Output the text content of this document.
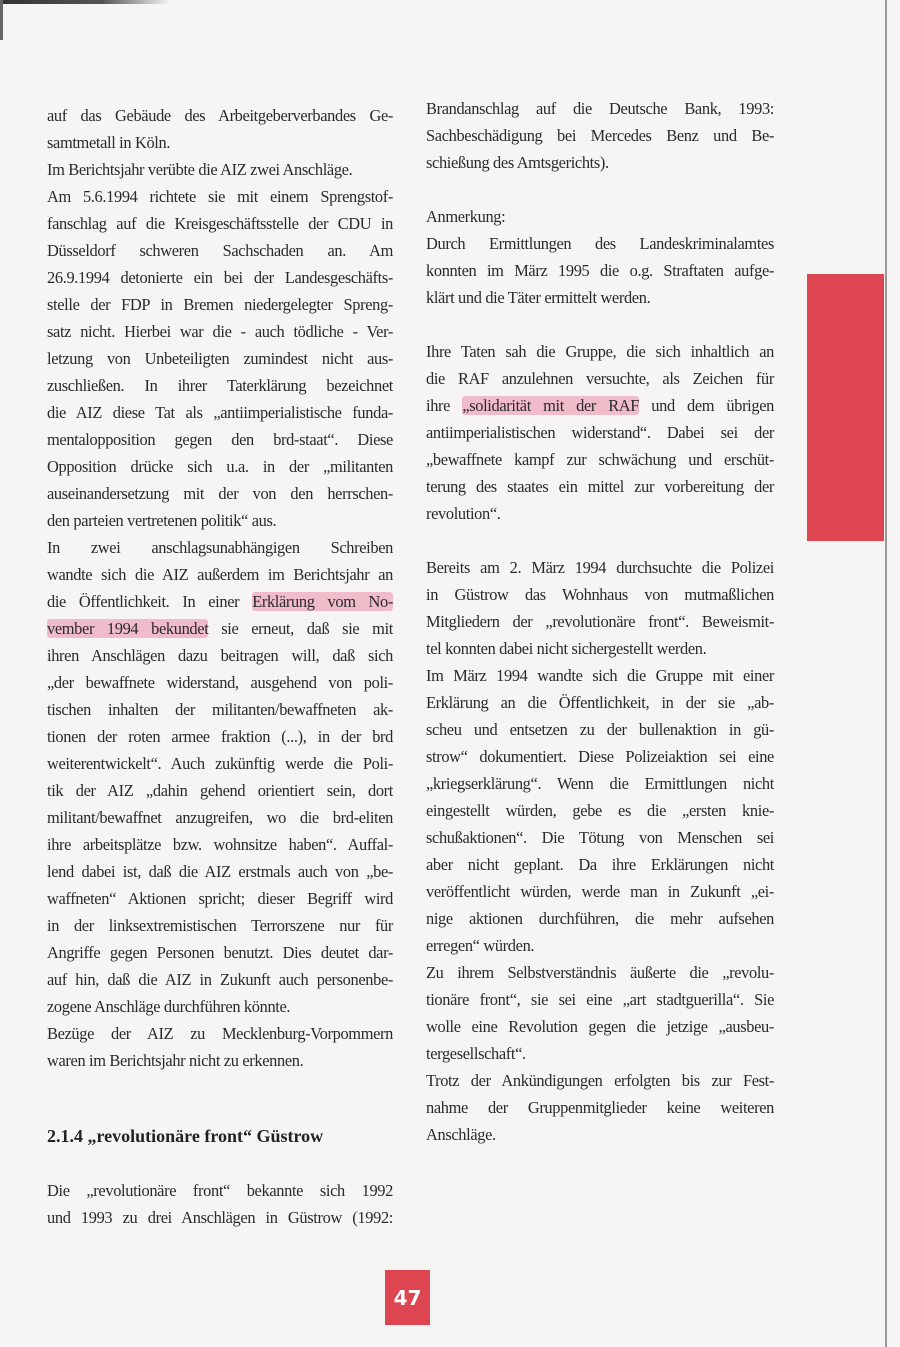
auf das Gebäude des Arbeitgeberverbandes Ge-
samtmetall in Köln.
Im Berichtsjahr verübte die AIZ zwei Anschläge.
Am 5.6.1994 richtete sie mit einem Sprengstof-
fanschlag auf die Kreisgeschäftsstelle der CDU in
Düsseldorf schweren Sachschaden an. Am
26.9.1994 detonierte ein bei der Landesgeschäfts-
stelle der FDP in Bremen niedergelegter Spreng-
satz nicht. Hierbei war die - auch tödliche - Ver-
letzung von Unbeteiligten zumindest nicht aus-
zuschließen. In ihrer Taterklärung bezeichnet
die AIZ diese Tat als „antiimperialistische funda-
mentalopposition gegen den brd-staat“. Diese
Opposition drücke sich u.a. in der „militanten
auseinandersetzung mit der von den herrschen-
den parteien vertretenen politik“ aus.
In zwei anschlagsunabhängigen Schreiben
wandte sich die AIZ außerdem im Berichtsjahr an
die Öffentlichkeit. In einer Erklärung vom No-
vember 1994 bekundet sie erneut, daß sie mit
ihren Anschlägen dazu beitragen will, daß sich
„der bewaffnete widerstand, ausgehend von poli-
tischen inhalten der militanten/bewaffneten ak-
tionen der roten armee fraktion (...), in der brd
weiterentwickelt“. Auch zukünftig werde die Poli-
tik der AIZ „dahin gehend orientiert sein, dort
militant/bewaffnet anzugreifen, wo die brd-eliten
ihre arbeitsplätze bzw. wohnsitze haben“. Auffal-
lend dabei ist, daß die AIZ erstmals auch von „be-
waffneten“ Aktionen spricht; dieser Begriff wird
in der linksextremistischen Terrorszene nur für
Angriffe gegen Personen benutzt. Dies deutet dar-
auf hin, daß die AIZ in Zukunft auch personenbe-
zogene Anschläge durchführen könnte.
Bezüge der AIZ zu Mecklenburg-Vorpommern
waren im Berichtsjahr nicht zu erkennen.
2.1.4 „revolutionäre front“ Güstrow
Die „revolutionäre front“ bekannte sich 1992
und 1993 zu drei Anschlägen in Güstrow (1992:
Brandanschlag auf die Deutsche Bank, 1993:
Sachbeschädigung bei Mercedes Benz und Be-
schießung des Amtsgerichts).
Anmerkung:
Durch Ermittlungen des Landeskriminalamtes
konnten im März 1995 die o.g. Straftaten aufge-
klärt und die Täter ermittelt werden.
Ihre Taten sah die Gruppe, die sich inhaltlich an
die RAF anzulehnen versuchte, als Zeichen für
ihre „solidarität mit der RAF und dem übrigen
antiimperialistischen widerstand“. Dabei sei der
„bewaffnete kampf zur schwächung und erschüt-
terung des staates ein mittel zur vorbereitung der
revolution“.
Bereits am 2. März 1994 durchsuchte die Polizei
in Güstrow das Wohnhaus von mutmaßlichen
Mitgliedern der „revolutionäre front“. Beweismit-
tel konnten dabei nicht sichergestellt werden.
Im März 1994 wandte sich die Gruppe mit einer
Erklärung an die Öffentlichkeit, in der sie „ab-
scheu und entsetzen zu der bullenaktion in gü-
strow“ dokumentiert. Diese Polizeiaktion sei eine
„kriegserklärung“. Wenn die Ermittlungen nicht
eingestellt würden, gebe es die „ersten knie-
schußaktionen“. Die Tötung von Menschen sei
aber nicht geplant. Da ihre Erklärungen nicht
veröffentlicht würden, werde man in Zukunft „ei-
nige aktionen durchführen, die mehr aufsehen
erregen“ würden.
Zu ihrem Selbstverständnis äußerte die „revolu-
tionäre front“, sie sei eine „art stadtguerilla“. Sie
wolle eine Revolution gegen die jetzige „ausbeu-
tergesellschaft“.
Trotz der Ankündigungen erfolgten bis zur Fest-
nahme der Gruppenmitglieder keine weiteren
Anschläge.
47
